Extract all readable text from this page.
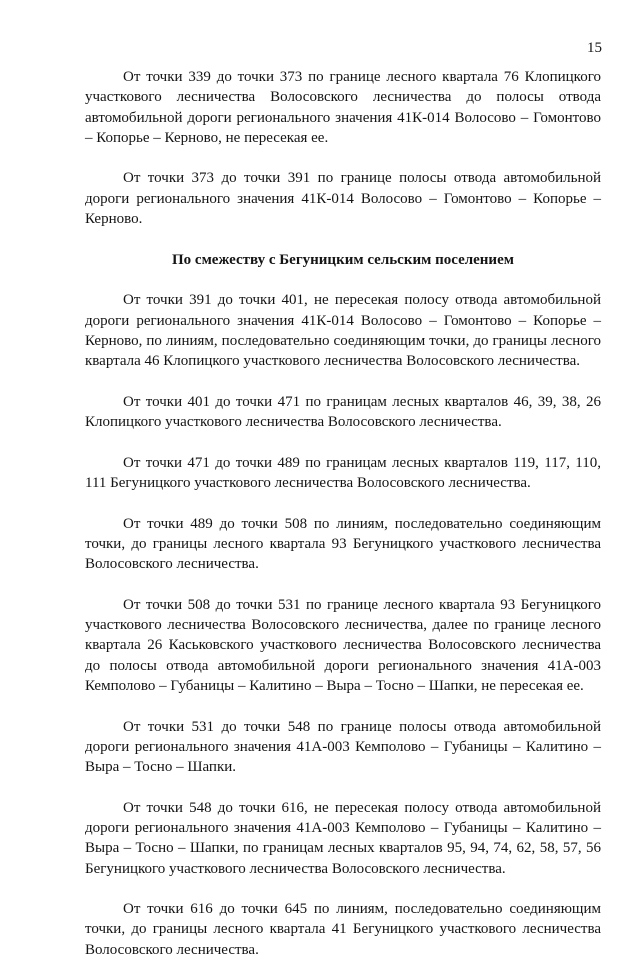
15

От точки 339 до точки 373 по границе лесного квартала 76 Клопицкого участкового лесничества Волосовского лесничества до полосы отвода автомобильной дороги регионального значения 41К-014 Волосово – Гомонтово – Копорье – Керново, не пересекая ее.

От точки 373 до точки 391 по границе полосы отвода автомобильной дороги регионального значения 41К-014 Волосово – Гомонтово – Копорье – Керново.

По смежеству с Бегуницким сельским поселением

От точки 391 до точки 401, не пересекая полосу отвода автомобильной дороги регионального значения 41К-014 Волосово – Гомонтово – Копорье – Керново, по линиям, последовательно соединяющим точки, до границы лесного квартала 46 Клопицкого участкового лесничества Волосовского лесничества.

От точки 401 до точки 471 по границам лесных кварталов 46, 39, 38, 26 Клопицкого участкового лесничества Волосовского лесничества.

От точки 471 до точки 489 по границам лесных кварталов 119, 117, 110, 111 Бегуницкого участкового лесничества Волосовского лесничества.

От точки 489 до точки 508 по линиям, последовательно соединяющим точки, до границы лесного квартала 93 Бегуницкого участкового лесничества Волосовского лесничества.

От точки 508 до точки 531 по границе лесного квартала 93 Бегуницкого участкового лесничества Волосовского лесничества, далее по границе лесного квартала 26 Каськовского участкового лесничества Волосовского лесничества до полосы отвода автомобильной дороги регионального значения 41А-003 Кемполово – Губаницы – Калитино – Выра – Тосно – Шапки, не пересекая ее.

От точки 531 до точки 548 по границе полосы отвода автомобильной дороги регионального значения 41А-003 Кемполово – Губаницы – Калитино – Выра – Тосно – Шапки.

От точки 548 до точки 616, не пересекая полосу отвода автомобильной дороги регионального значения 41А-003 Кемполово – Губаницы – Калитино – Выра – Тосно – Шапки, по границам лесных кварталов 95, 94, 74, 62, 58, 57, 56 Бегуницкого участкового лесничества Волосовского лесничества.

От точки 616 до точки 645 по линиям, последовательно соединяющим точки, до границы лесного квартала 41 Бегуницкого участкового лесничества Волосовского лесничества.
